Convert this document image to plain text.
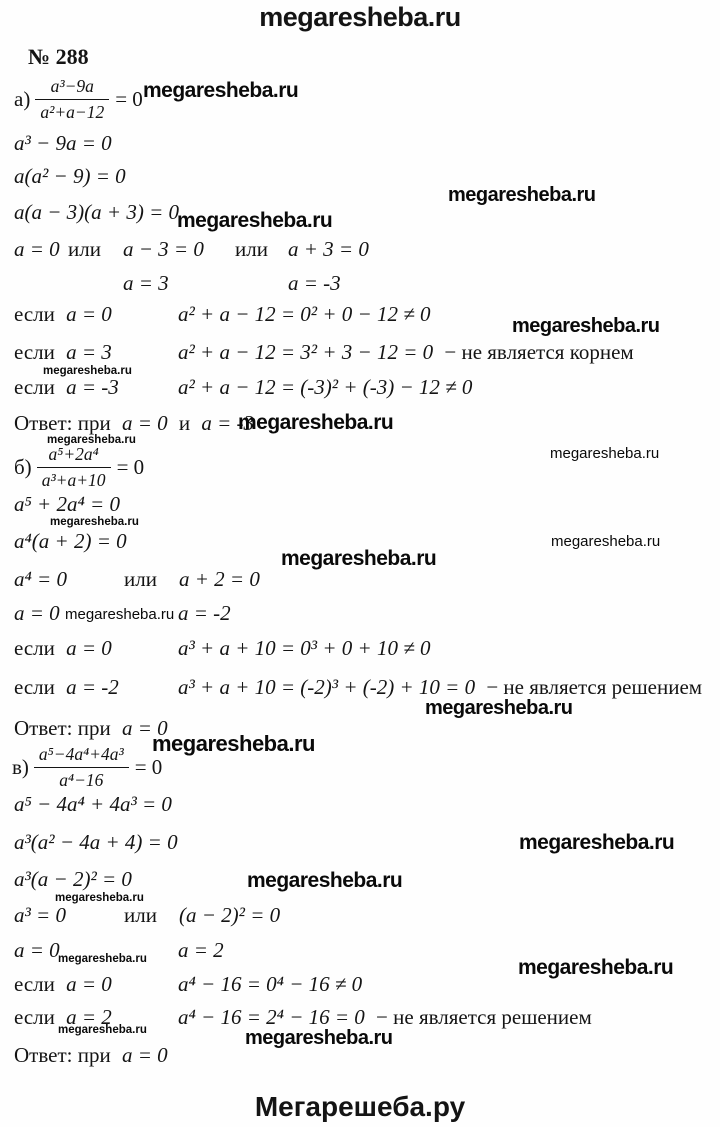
megaresheba.ru
№ 288
$а) \frac{\text{a³−9a}}{\text{a²+a−12}} = 0$ megaresheba.ru
a³ − 9a = 0
a(a² − 9) = 0
megaresheba.ru
a(a − 3)(a + 3) = 0
megaresheba.ru
a = 0 или a − 3 = 0 или a + 3 = 0
a = 3	a = -3
если a = 0	a² + a − 12 = 0² + 0 − 12 ≠ 0	megaresheba.ru
если a = 3	a² + a − 12 = 3² + 3 − 12 = 0 − не является корнем
megaresheba.ru
если a = -3	a² + a − 12 = (-3)² + (-3) − 12 ≠ 0
Ответ: при a = 0 и a = -3
megaresheba.ru
megaresheba.ru
$б) \frac{\text{a⁵+2a⁴}}{\text{a³+a+10}} = 0$
megaresheba.ru
a⁵ + 2a⁴ = 0
megaresheba.ru
a⁴(a + 2) = 0	megaresheba.ru
megaresheba.ru
a⁴ = 0	или a + 2 = 0
a = 0	a = -2
megaresheba.ru
если a = 0	a³ + a + 10 = 0³ + 0 + 10 ≠ 0
если a = -2	a³ + a + 10 = (-2)³ + (-2) + 10 = 0 − не является решением
megaresheba.ru
Ответ: при a = 0
megaresheba.ru
$в) \frac{\text{a⁵−4a⁴+4a³}}{\text{a⁴−16}} = 0$
a⁵ − 4a⁴ + 4a³ = 0
a³(a² − 4a + 4) = 0	megaresheba.ru
a³(a − 2)² = 0	megaresheba.ru
megaresheba.ru
a³ = 0	или (a − 2)² = 0
a = 0	a = 2
megaresheba.ru	megaresheba.ru
если a = 0	a⁴ − 16 = 0⁴ − 16 ≠ 0
если a = 2	a⁴ − 16 = 2⁴ − 16 = 0 − не является решением
megaresheba.ru	megaresheba.ru
Ответ: при a = 0
Мегарешеба.ру
